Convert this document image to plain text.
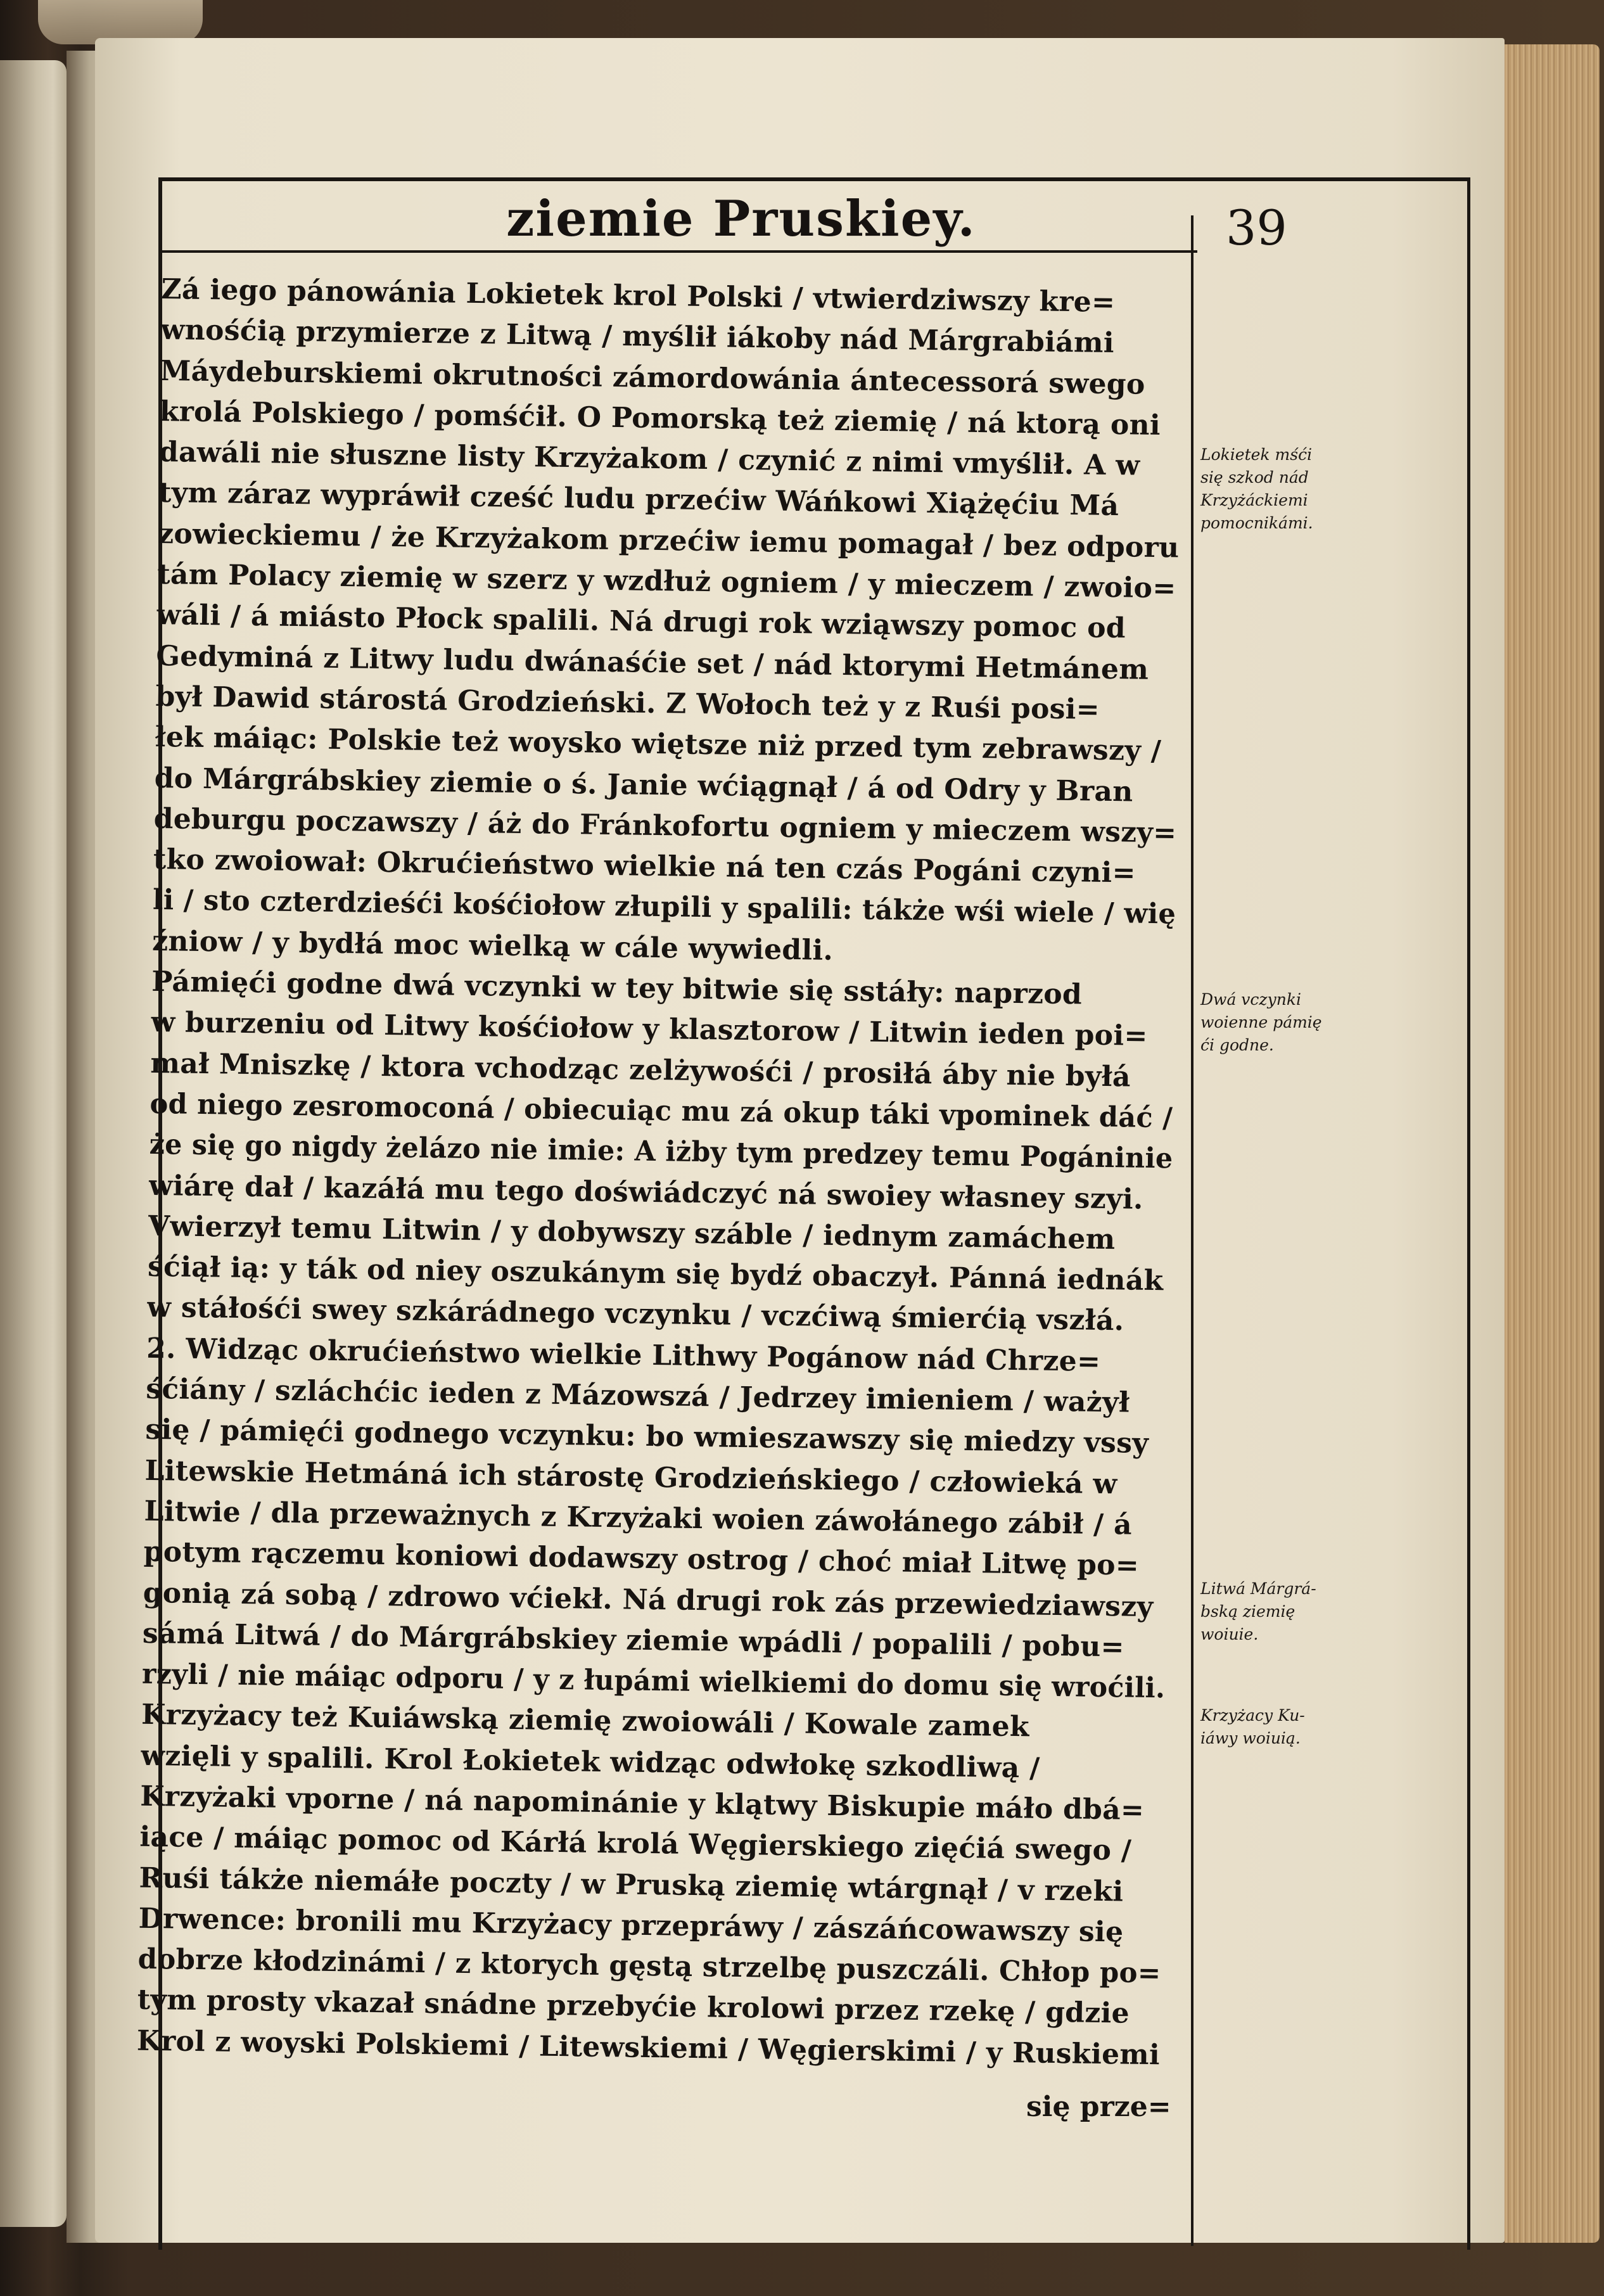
ziemie Pruskiey.	39
Zá iego pánowánia Lokietek krol Polski / vtwierdziwszy kre=
wnośćią przymierze z Litwą / myślił iákoby nád Márgrabiámi
Máydeburskiemi okrutności zámordowánia ántecessorá swego
krolá Polskiego / pomśćił. O Pomorską też ziemię / ná ktorą oni
dawáli nie słuszne listy Krzyżakom / czynić z nimi vmyślił. A w
tym záraz wypráwił cześć ludu przećiw Wáńkowi Xiążęćiu Má
zowieckiemu / że Krzyżakom przećiw iemu pomagał / bez odporu
tám Polacy ziemię w szerz y wzdłuż ogniem / y mieczem / zwoio=
wáli / á miásto Płock spalili. Ná drugi rok wziąwszy pomoc od
Gedyminá z Litwy ludu dwánaśćie set / nád ktorymi Hetmánem
był Dawid stárostá Grodzieński. Z Wołoch też y z Ruśi posi=
łek máiąc: Polskie też woysko więtsze niż przed tym zebrawszy /
do Márgrábskiey ziemie o ś. Janie wćiągnął / á od Odry y Bran
deburgu poczawszy / áż do Fránkofortu ogniem y mieczem wszy=
tko zwoiował: Okrućieństwo wielkie ná ten czás Pogáni czyni=
li / sto czterdzieśći kośćiołow złupili y spalili: tákże wśi wiele / wię
źniow / y bydłá moc wielką w cále wywiedli.
Pámięći godne dwá vczynki w tey bitwie się sstáły: naprzod
w burzeniu od Litwy kośćiołow y klasztorow / Litwin ieden poi=
mał Mniszkę / ktora vchodząc zelżywośći / prosiłá áby nie byłá
od niego zesromoconá / obiecuiąc mu zá okup táki vpominek dáć /
że się go nigdy żelázo nie imie: A iżby tym predzey temu Pogáninie
wiárę dał / kazáłá mu tego doświádczyć ná swoiey własney szyi.
Vwierzył temu Litwin / y dobywszy száble / iednym zamáchem
śćiął ią: y ták od niey oszukánym się bydź obaczył. Pánná iednák
w stáłośći swey szkárádnego vczynku / vczćiwą śmierćią vszłá.
2. Widząc okrućieństwo wielkie Lithwy Pogánow nád Chrze=
śćiány / szláchćic ieden z Mázowszá / Jedrzey imieniem / ważył
się / pámięći godnego vczynku: bo wmieszawszy się miedzy vssy
Litewskie Hetmáná ich stárostę Grodzieńskiego / człowieká w
Litwie / dla przeważnych z Krzyżaki woien záwołánego zábił / á
potym rączemu koniowi dodawszy ostrog / choć miał Litwę po=
gonią zá sobą / zdrowo vćiekł. Ná drugi rok zás przewiedziawszy
sámá Litwá / do Márgrábskiey ziemie wpádli / popalili / pobu=
rzyli / nie máiąc odporu / y z łupámi wielkiemi do domu się wroćili.
Krzyżacy też Kuiáwską ziemię zwoiowáli / Kowale zamek
wzięli y spalili. Krol Łokietek widząc odwłokę szkodliwą /
Krzyżaki vporne / ná napominánie y klątwy Biskupie máło dbá=
iące / máiąc pomoc od Kárłá krolá Węgierskiego zięćiá swego /
Ruśi tákże niemáłe poczty / w Pruską ziemię wtárgnął / v rzeki
Drwence: bronili mu Krzyżacy przepráwy / zászáńcowawszy się
dobrze kłodzinámi / z ktorych gęstą strzelbę puszczáli. Chłop po=
tym prosty vkazał snádne przebyćie krolowi przez rzekę / gdzie
Krol z woyski Polskiemi / Litewskiemi / Węgierskimi / y Ruskiemi
Lokietek mśći
się szkod nád
Krzyżáckiemi
pomocnikámi.
Dwá vczynki
woienne pámię
ći godne.
Litwá Márgrá-
bską ziemię
woiuie.
Krzyżacy Ku-
iáwy woiuią.
się prze=
